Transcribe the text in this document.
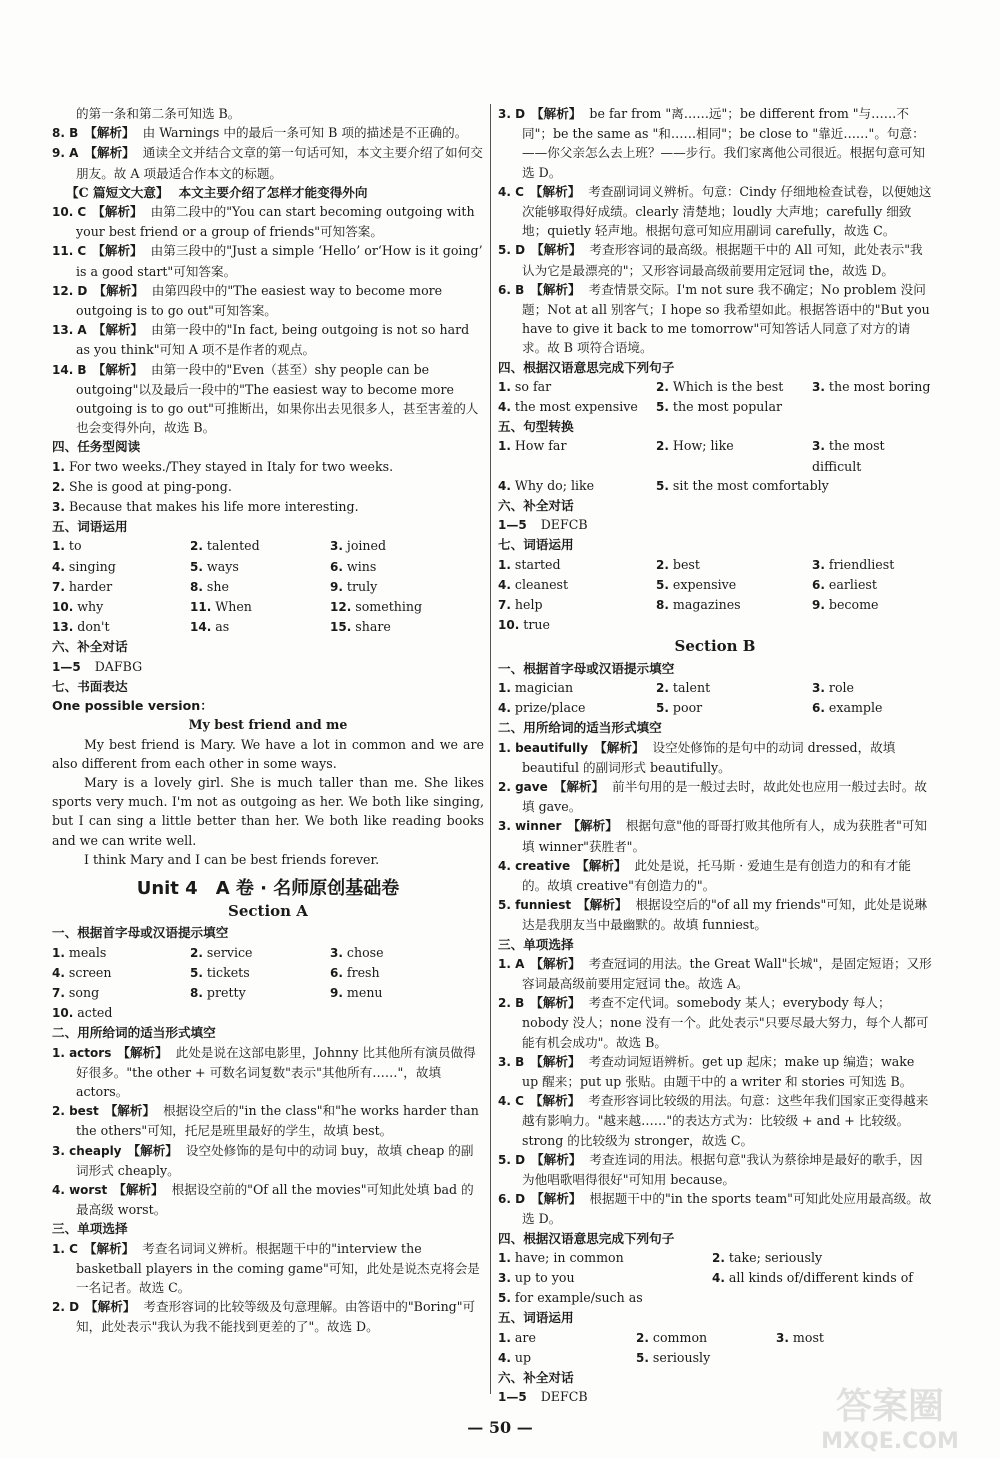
的第一条和第二条可知选 B。

8. B 【解析】 由 Warnings 中的最后一条可知 B 项的描述是不正确的。

9. A 【解析】 通读全文并结合文章的第一句话可知，本文主要介绍了如何交朋友。故 A 项最适合作本文的标题。

【C 篇短文大意】 本文主要介绍了怎样才能变得外向

10. C 【解析】 由第二段中的"You can start becoming outgoing with your best friend or a group of friends"可知答案。

11. C 【解析】 由第三段中的"Just a simple ‘Hello’ or‘How is it going’ is a good start"可知答案。

12. D 【解析】 由第四段中的"The easiest way to become more outgoing is to go out"可知答案。

13. A 【解析】 由第一段中的"In fact, being outgoing is not so hard as you think"可知 A 项不是作者的观点。

14. B 【解析】 由第一段中的"Even（甚至）shy people can be outgoing"以及最后一段中的"The easiest way to become more outgoing is to go out"可推断出，如果你出去见很多人，甚至害羞的人也会变得外向，故选 B。

四、任务型阅读

1. For two weeks./They stayed in Italy for two weeks.

2. She is good at ping-pong.

3. Because that makes his life more interesting.

五、词语运用

1. to	2. talented	3. joined
4. singing	5. ways	6. wins
7. harder	8. she	9. truly
10. why	11. When	12. something
13. don't	14. as	15. share

六、补全对话

1—5 DAFBG

七、书面表达

One possible version：

My best friend and me

My best friend is Mary. We have a lot in common and we are also different from each other in some ways.

Mary is a lovely girl. She is much taller than me. She likes sports very much. I'm not as outgoing as her. We both like singing, but I can sing a little better than her. We both like reading books and we can write well.

I think Mary and I can be best friends forever.

Unit 4　A 卷 · 名师原创基础卷
Section A

一、根据首字母或汉语提示填空

1. meals	2. service	3. chose
4. screen	5. tickets	6. fresh
7. song	8. pretty	9. menu
10. acted

二、用所给词的适当形式填空

1. actors 【解析】 此处是说在这部电影里，Johnny 比其他所有演员做得好很多。"the other + 可数名词复数"表示"其他所有……"，故填 actors。

2. best 【解析】 根据设空后的"in the class"和"he works harder than the others"可知，托尼是班里最好的学生，故填 best。

3. cheaply 【解析】 设空处修饰的是句中的动词 buy，故填 cheap 的副词形式 cheaply。

4. worst 【解析】 根据设空前的"Of all the movies"可知此处填 bad 的最高级 worst。

三、单项选择

1. C 【解析】 考查名词词义辨析。根据题干中的"interview the basketball players in the coming game"可知，此处是说杰克将会是一名记者。故选 C。

2. D 【解析】 考查形容词的比较等级及句意理解。由答语中的"Boring"可知，此处表示"我认为我不能找到更差的了"。故选 D。

3. D 【解析】 be far from "离……远"；be different from "与……不同"；be the same as "和……相同"；be close to "靠近……"。句意：——你父亲怎么去上班？——步行。我们家离他公司很近。根据句意可知选 D。

4. C 【解析】 考查副词词义辨析。句意：Cindy 仔细地检查试卷，以便她这次能够取得好成绩。clearly 清楚地；loudly 大声地；carefully 细致地；quietly 轻声地。根据句意可知应用副词 carefully，故选 C。

5. D 【解析】 考查形容词的最高级。根据题干中的 All 可知，此处表示"我认为它是最漂亮的"；又形容词最高级前要用定冠词 the，故选 D。

6. B 【解析】 考查情景交际。I'm not sure 我不确定；No problem 没问题；Not at all 别客气；I hope so 我希望如此。根据答语中的"But you have to give it back to me tomorrow"可知答话人同意了对方的请求。故 B 项符合语境。

四、根据汉语意思完成下列句子

1. so far	2. Which is the best	3. the most boring
4. the most expensive	5. the most popular

五、句型转换

1. How far	2. How; like	3. the most difficult
4. Why do; like	5. sit the most comfortably

六、补全对话

1—5 DEFCB

七、词语运用

1. started	2. best	3. friendliest
4. cleanest	5. expensive	6. earliest
7. help	8. magazines	9. become
10. true
Section B

一、根据首字母或汉语提示填空

1. magician	2. talent	3. role
4. prize/place	5. poor	6. example

二、用所给词的适当形式填空

1. beautifully 【解析】 设空处修饰的是句中的动词 dressed，故填 beautiful 的副词形式 beautifully。

2. gave 【解析】 前半句用的是一般过去时，故此处也应用一般过去时。故填 gave。

3. winner 【解析】 根据句意"他的哥哥打败其他所有人，成为获胜者"可知填 winner"获胜者"。

4. creative 【解析】 此处是说，托马斯 · 爱迪生是有创造力的和有才能的。故填 creative"有创造力的"。

5. funniest 【解析】 根据设空后的"of all my friends"可知，此处是说琳达是我朋友当中最幽默的。故填 funniest。

三、单项选择

1. A 【解析】 考查冠词的用法。the Great Wall"长城"，是固定短语；又形容词最高级前要用定冠词 the。故选 A。

2. B 【解析】 考查不定代词。somebody 某人；everybody 每人；nobody 没人；none 没有一个。此处表示"只要尽最大努力，每个人都可能有机会成功"。故选 B。

3. B 【解析】 考查动词短语辨析。get up 起床；make up 编造；wake up 醒来；put up 张贴。由题干中的 a writer 和 stories 可知选 B。

4. C 【解析】 考查形容词比较级的用法。句意：这些年我们国家正变得越来越有影响力。"越来越……"的表达方式为：比较级 + and + 比较级。strong 的比较级为 stronger，故选 C。

5. D 【解析】 考查连词的用法。根据句意"我认为蔡徐坤是最好的歌手，因为他唱歌唱得很好"可知用 because。

6. D 【解析】 根据题干中的"in the sports team"可知此处应用最高级。故选 D。

四、根据汉语意思完成下列句子

1. have; in common	2. take; seriously
3. up to you	4. all kinds of/different kinds of
5. for example/such as

五、词语运用

1. are	2. common	3. most
4. up	5. seriously

六、补全对话

1—5 DEFCB

— 50 —
答案圈
MXQE.COM
